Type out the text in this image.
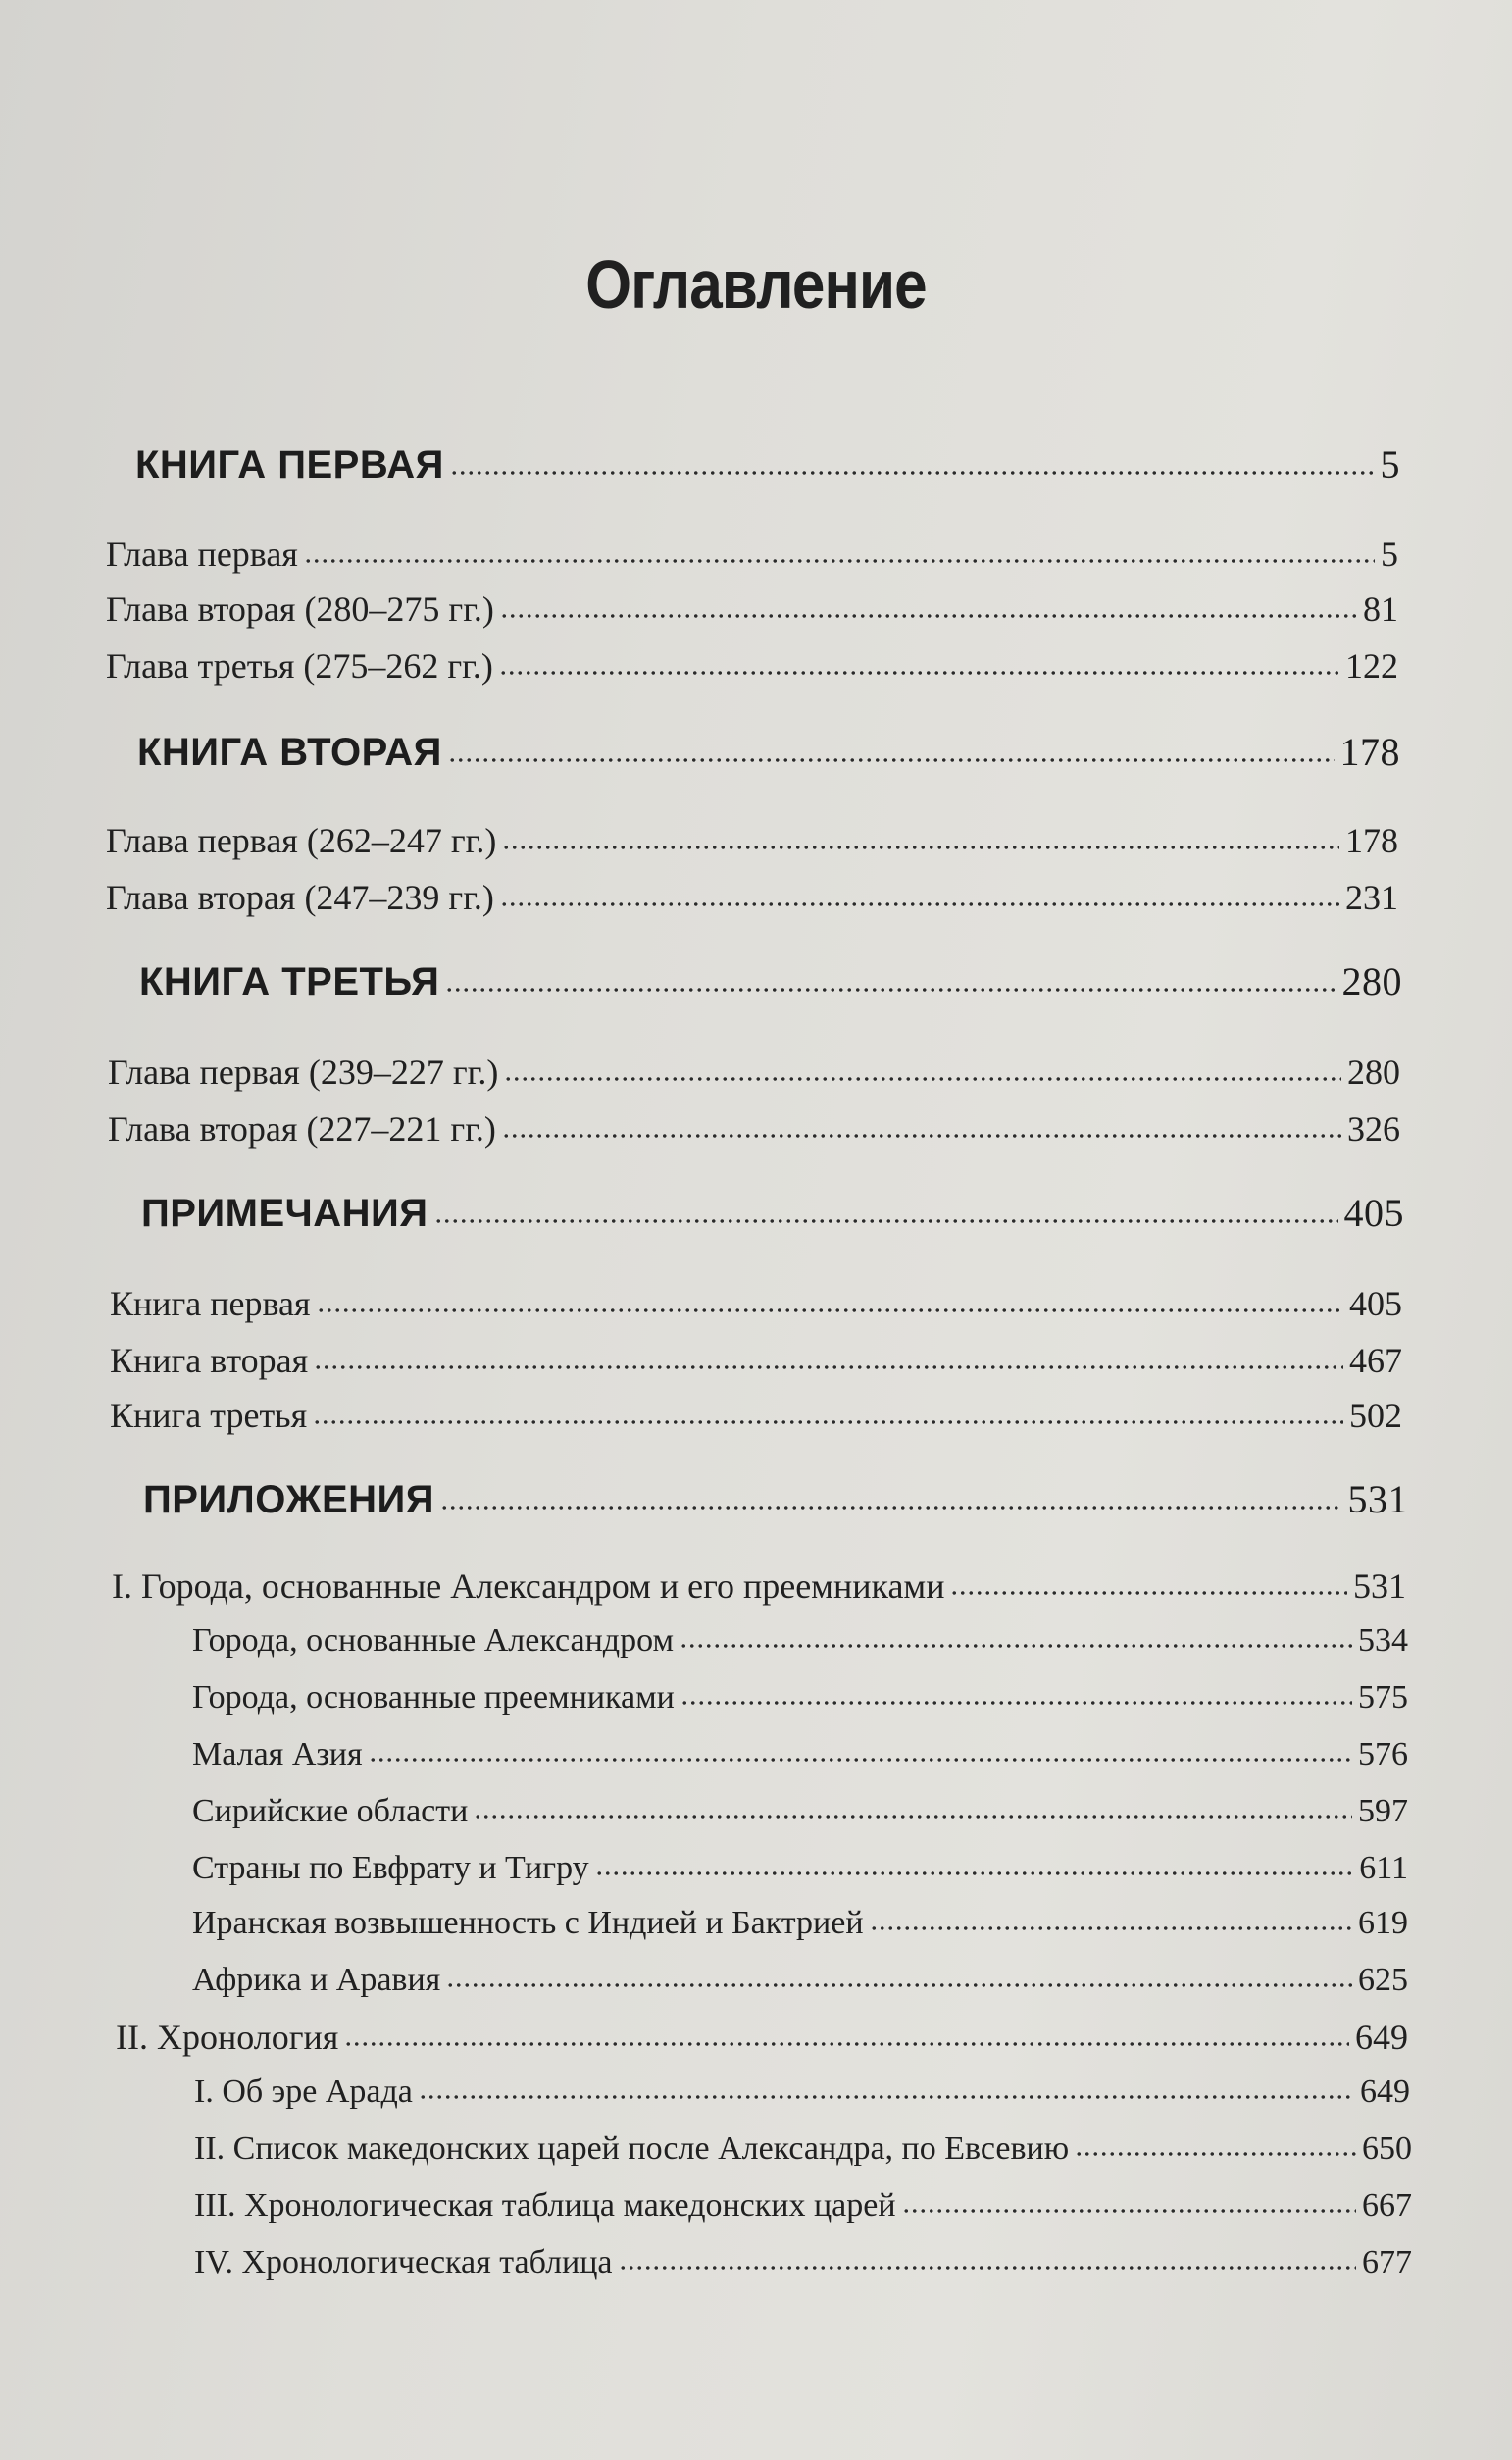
Оглавление
КНИГА ПЕРВАЯ	5
Глава первая	5
Глава вторая (280–275 гг.)	81
Глава третья (275–262 гг.)	122
КНИГА ВТОРАЯ	178
Глава первая (262–247 гг.)	178
Глава вторая (247–239 гг.)	231
КНИГА ТРЕТЬЯ	280
Глава первая (239–227 гг.)	280
Глава вторая (227–221 гг.)	326
ПРИМЕЧАНИЯ	405
Книга первая	405
Книга вторая	467
Книга третья	502
ПРИЛОЖЕНИЯ	531
I. Города, основанные Александром и его преемниками	531
Города, основанные Александром	534
Города, основанные преемниками	575
Малая Азия	576
Сирийские области	597
Страны по Евфрату и Тигру	611
Иранская возвышенность с Индией и Бактрией	619
Африка и Аравия	625
II. Хронология	649
I. Об эре Арада	649
II. Список македонских царей после Александра, по Евсевию	650
III. Хронологическая таблица македонских царей	667
IV. Хронологическая таблица	677
